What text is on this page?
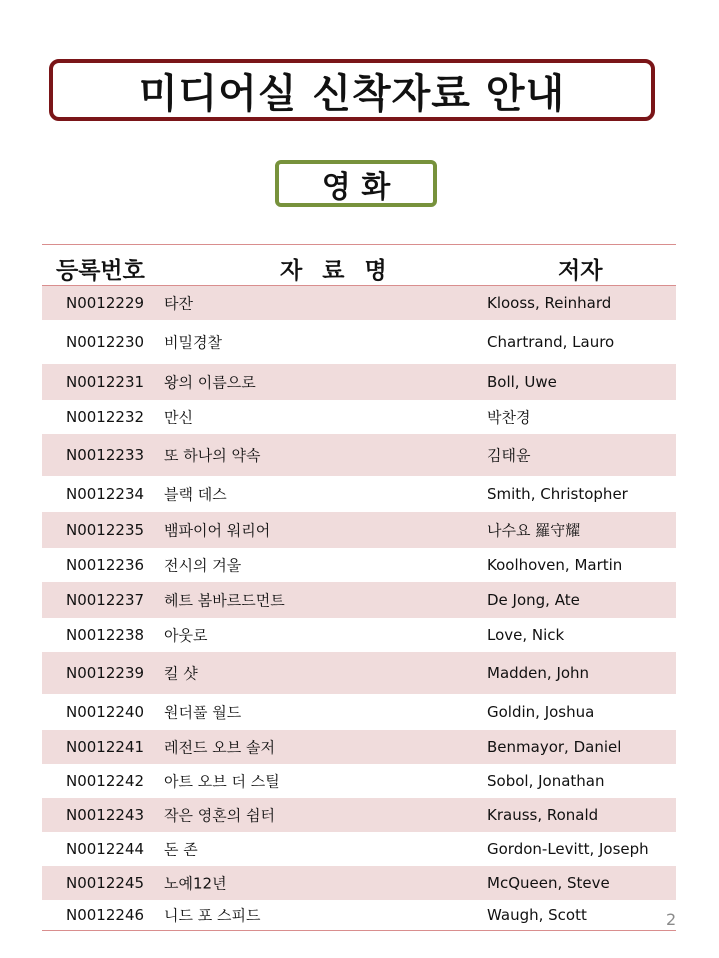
미디어실 신착자료 안내
영 화
등록번호	자 료 명	저자
N0012229 타잔	Klooss, Reinhard
N0012230 비밀경찰	Chartrand, Lauro
N0012231 왕의 이름으로	Boll, Uwe
N0012232 만신	박찬경
N0012233 또 하나의 약속	김태윤
N0012234 블랙 데스	Smith, Christopher
N0012235 뱀파이어 워리어	나수요 羅守耀
N0012236 전시의 겨울	Koolhoven, Martin
N0012237 헤트 봄바르드먼트	De Jong, Ate
N0012238 아웃로	Love, Nick
N0012239 킬 샷	Madden, John
N0012240 원더풀 월드	Goldin, Joshua
N0012241 레전드 오브 솔저	Benmayor, Daniel
N0012242 아트 오브 더 스틸	Sobol, Jonathan
N0012243 작은 영혼의 쉼터	Krauss, Ronald
N0012244 돈 존	Gordon-Levitt, Joseph
N0012245 노예12년	McQueen, Steve
N0012246 니드 포 스피드	Waugh, Scott	2
